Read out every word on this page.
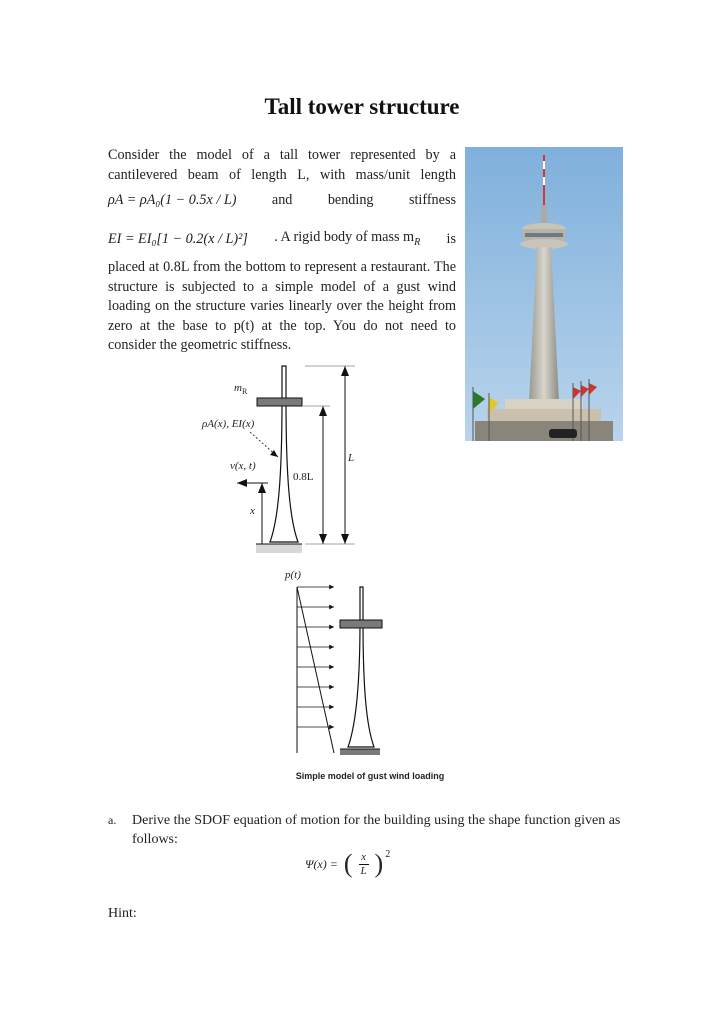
Tall tower structure
Consider the model of a tall tower represented by a
cantilevered beam of length L, with mass/unit length
ρA = ρA₀(1 − 0.5x / L) and bending stiffness
EI = EI₀[1 − 0.2(x / L)²] . A rigid body of mass $m_R$ is
placed at 0.8L from the bottom to represent a restaurant. The structure is subjected to a simple model of a gust wind loading on the structure varies linearly over the height from zero at the base to p(t) at the top. You do not need to consider the geometric stiffness.
$m_R$
ρA(x), EI(x)
v(x, t)
0.8L
L
x
p(t)
Simple model of gust wind loading
a. Derive the SDOF equation of motion for the building using the shape function given as follows:
Ψ(x) = ( x
L )$^2$
Hint:
